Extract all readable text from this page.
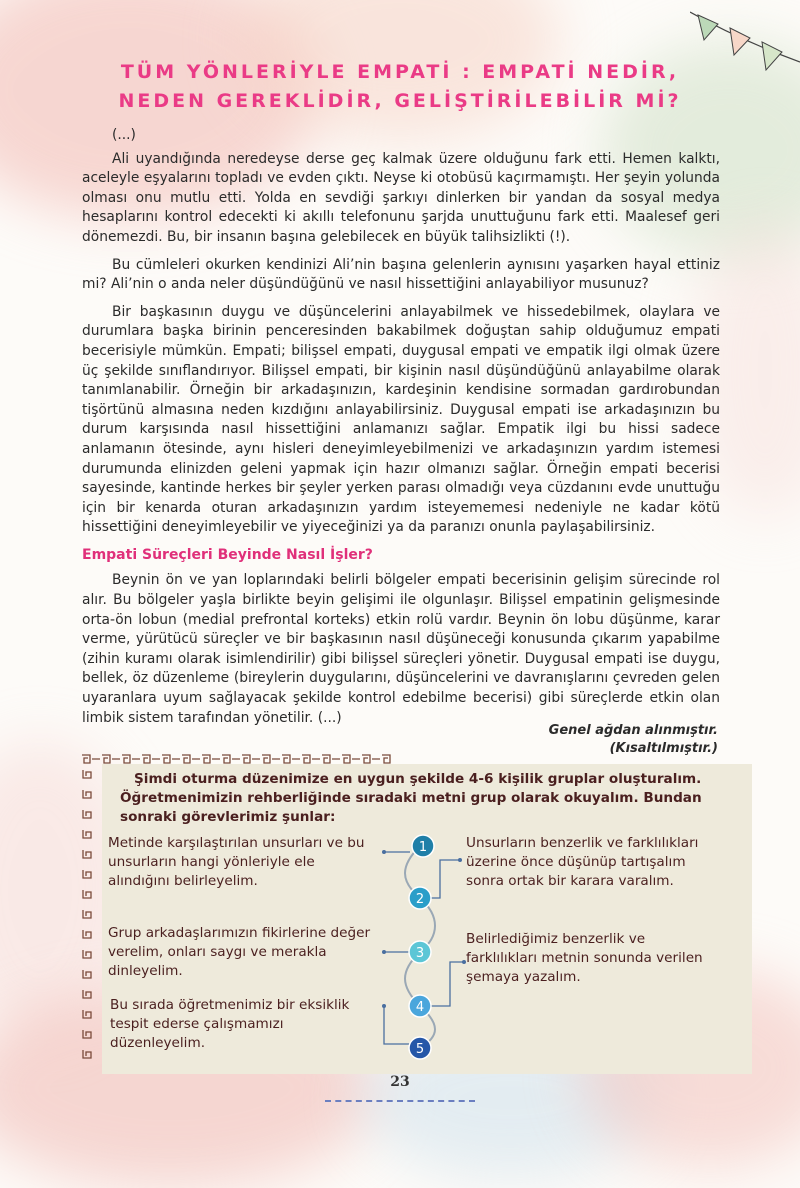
TÜM YÖNLERİYLE EMPATİ : EMPATİ NEDİR,
NEDEN GEREKLİDİR, GELİŞTİRİLEBİLİR Mİ?

(...)

Ali uyandığında neredeyse derse geç kalmak üzere olduğunu fark etti. Hemen kalktı, aceleyle eşyalarını topladı ve evden çıktı. Neyse ki otobüsü kaçırmamıştı. Her şeyin yolunda olması onu mutlu etti. Yolda en sevdiği şarkıyı dinlerken bir yandan da sosyal medya hesaplarını kontrol edecekti ki akıllı telefonunu şarjda unuttuğunu fark etti. Maalesef geri dönemezdi. Bu, bir insanın başına gelebilecek en büyük talihsizlikti (!).

Bu cümleleri okurken kendinizi Ali’nin başına gelenlerin aynısını yaşarken hayal ettiniz mi? Ali’nin o anda neler düşündüğünü ve nasıl hissettiğini anlayabiliyor musunuz?

Bir başkasının duygu ve düşüncelerini anlayabilmek ve hissedebilmek, olaylara ve durumlara başka birinin penceresinden bakabilmek doğuştan sahip olduğumuz empati becerisiyle mümkün. Empati; bilişsel empati, duygusal empati ve empatik ilgi olmak üzere üç şekilde sınıflandırıyor. Bilişsel empati, bir kişinin nasıl düşündüğünü anlayabilme olarak tanımlanabilir. Örneğin bir arkadaşınızın, kardeşinin kendisine sormadan gardırobundan tişörtünü almasına neden kızdığını anlayabilirsiniz. Duygusal empati ise arkadaşınızın bu durum karşısında nasıl hissettiğini anlamanızı sağlar. Empatik ilgi bu hissi sadece anlamanın ötesinde, aynı hisleri deneyimleyebilmenizi ve arkadaşınızın yardım istemesi durumunda elinizden geleni yapmak için hazır olmanızı sağlar. Örneğin empati becerisi sayesinde, kantinde herkes bir şeyler yerken parası olmadığı veya cüzdanını evde unuttuğu için bir kenarda oturan arkadaşınızın yardım isteyememesi nedeniyle ne kadar kötü hissettiğini deneyimleyebilir ve yiyeceğinizi ya da paranızı onunla paylaşabilirsiniz.

Empati Süreçleri Beyinde Nasıl İşler?

Beynin ön ve yan loplarındaki belirli bölgeler empati becerisinin gelişim sürecinde rol alır. Bu bölgeler yaşla birlikte beyin gelişimi ile olgunlaşır. Bilişsel empatinin gelişmesinde orta-ön lobun (medial prefrontal korteks) etkin rolü vardır. Beynin ön lobu düşünme, karar verme, yürütücü süreçler ve bir başkasının nasıl düşüneceği konusunda çıkarım yapabilme (zihin kuramı olarak isimlendirilir) gibi bilişsel süreçleri yönetir. Duygusal empati ise duygu, bellek, öz düzenleme (bireylerin duygularını, düşüncelerini ve davranışlarını çevreden gelen uyaranlara uyum sağlayacak şekilde kontrol edebilme becerisi) gibi süreçlerde etkin olan limbik sistem tarafından yönetilir. (...)

Genel ağdan alınmıştır.
(Kısaltılmıştır.)
Şimdi oturma düzenimize en uygun şekilde 4-6 kişilik gruplar oluşturalım. Öğretmenimizin rehberliğinde sıradaki metni grup olarak okuyalım. Bundan sonraki görevlerimiz şunlar:
Metinde karşılaştırılan unsurları ve bu unsurların hangi yönleriyle ele alındığını belirleyelim.
Unsurların benzerlik ve farklılıkları üzerine önce düşünüp tartışalım sonra ortak bir karara varalım.
Grup arkadaşlarımızın fikirlerine değer verelim, onları saygı ve merakla dinleyelim.
Belirlediğimiz benzerlik ve farklılıkları metnin sonunda verilen şemaya yazalım.
Bu sırada öğretmenimiz bir eksiklik tespit ederse çalışmamızı düzenleyelim.
1
2
3
4
5
23
